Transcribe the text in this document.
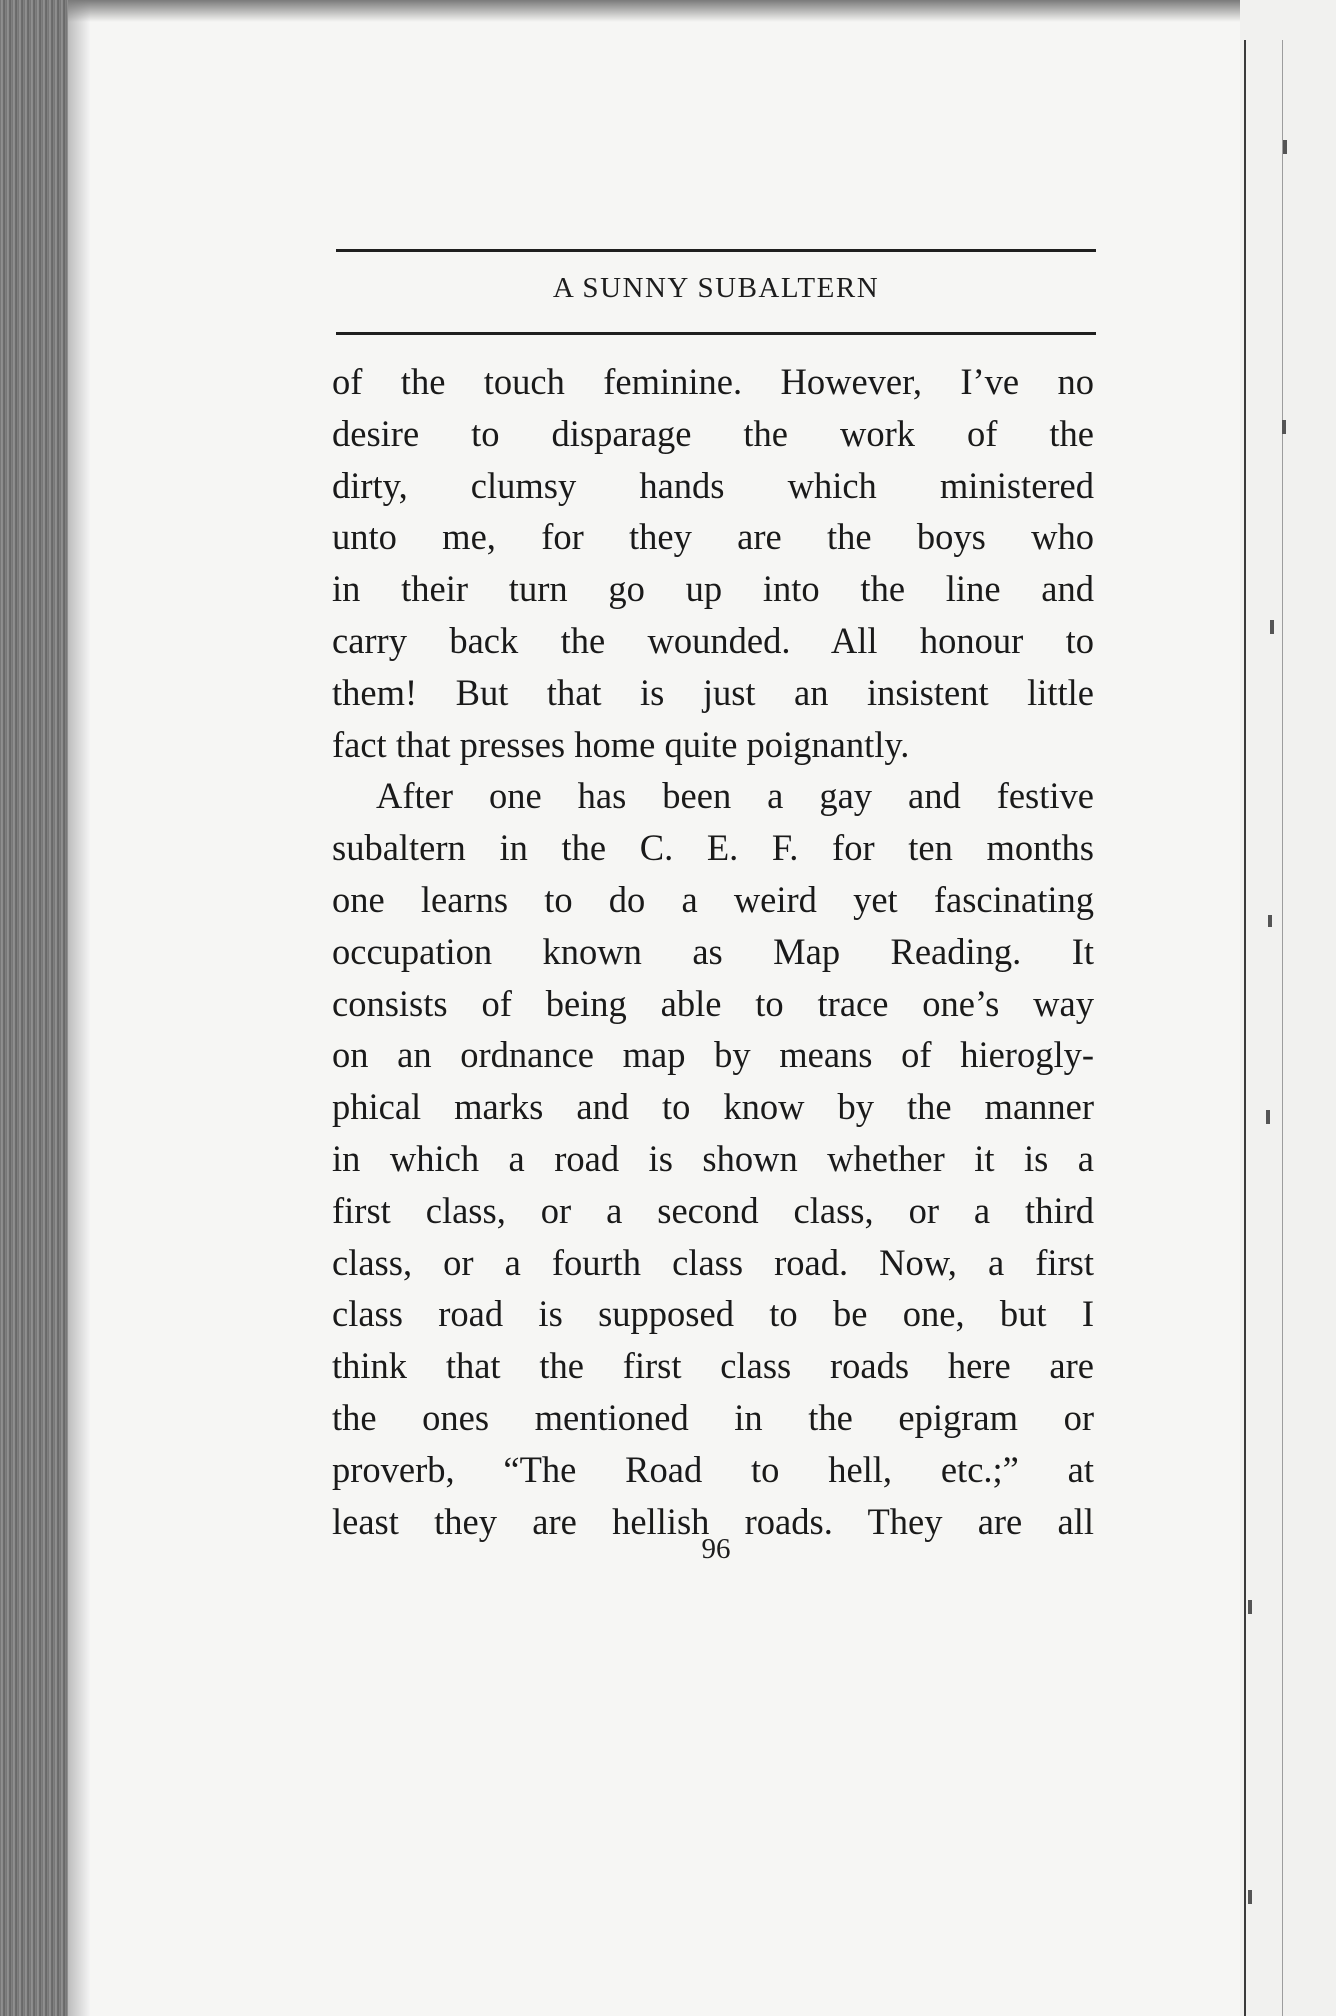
A SUNNY SUBALTERN
of the touch feminine. However, I’ve no
desire to disparage the work of the
dirty, clumsy hands which ministered
unto me, for they are the boys who
in their turn go up into the line and
carry back the wounded. All honour to
them! But that is just an insistent little
fact that presses home quite poignantly.
After one has been a gay and festive
subaltern in the C. E. F. for ten months
one learns to do a weird yet fascinating
occupation known as Map Reading. It
consists of being able to trace one’s way
on an ordnance map by means of hierogly-
phical marks and to know by the manner
in which a road is shown whether it is a
first class, or a second class, or a third
class, or a fourth class road. Now, a first
class road is supposed to be one, but I
think that the first class roads here are
the ones mentioned in the epigram or
proverb, “The Road to hell, etc.;” at
least they are hellish roads. They are all
96
